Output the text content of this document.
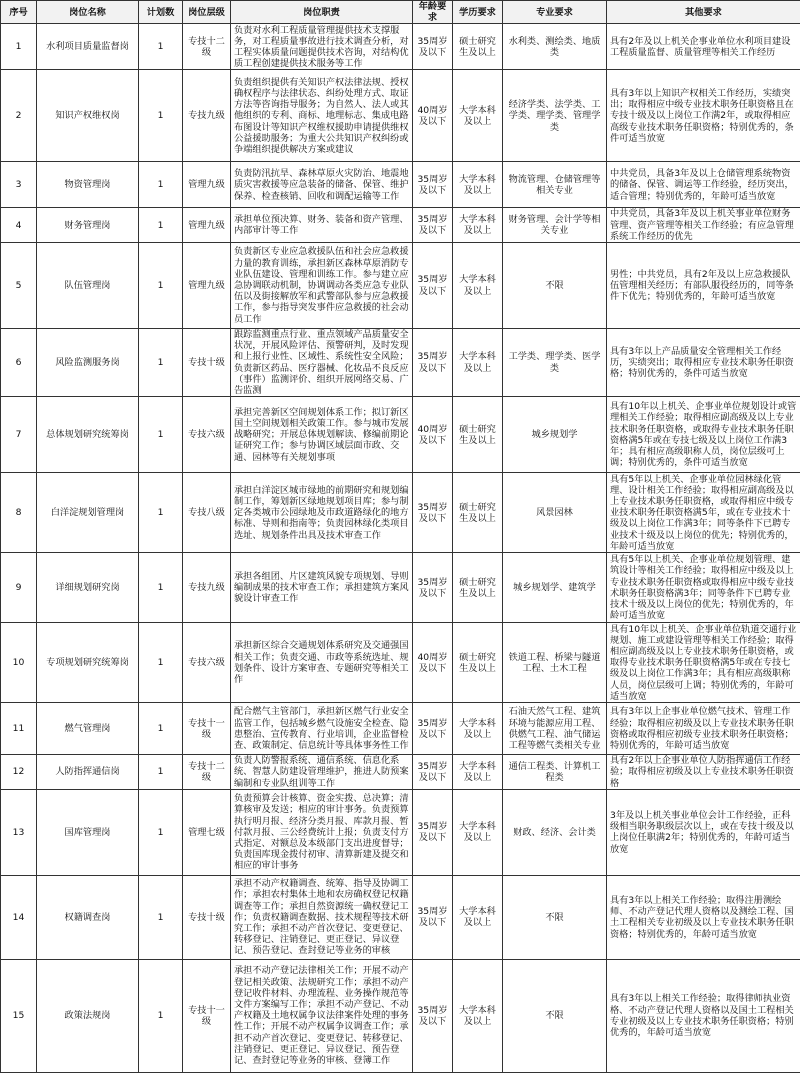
序号	岗位名称	计划数	岗位层级	岗位职责	年龄要求	学历要求	专业要求	其他要求
1	水利项目质量监督岗	1	专技十二级	负责对水利工程质量管理提供技术支撑服务，对工程质量事故进行技术调查分析，对工程实体质量问题提供技术咨询，对结构优质工程创建提供技术服务等工作	35周岁及以下	硕士研究生及以上	水利类、测绘类、地质类	具有2年及以上机关企事业单位水利项目建设工程质量监督、质量管理等相关工作经历
2	知识产权维权岗	1	专技九级	负责组织提供有关知识产权法律法规、授权确权程序与法律状态、纠纷处理方式、取证方法等咨询指导服务；为自然人、法人或其他组织的专利、商标、地理标志、集成电路布图设计等知识产权维权援助申请提供维权公益援助服务；为重大公共知识产权纠纷或争端组织提供解决方案或建议	40周岁及以下	大学本科及以上	经济学类、法学类、工学类、理学类、管理学类	具有3年以上知识产权相关工作经历，实绩突出；取得相应中级专业技术职务任职资格且在专技十级及以上岗位工作满2年，或取得相应高级专业技术职务任职资格；特别优秀的，条件可适当放宽
3	物资管理岗	1	管理九级	负责防汛抗旱、森林草原火灾防治、地震地质灾害救援等应急装备的储备、保管、维护保养、检查核销、回收和调配运输等工作	35周岁及以下	大学本科及以上	物流管理、仓储管理等相关专业	中共党员，具备3年及以上仓储管理系统物资的储备、保管、调运等工作经验，经历突出，适合管理；特别优秀的，年龄可适当放宽
4	财务管理岗	1	管理九级	承担单位预决算、财务、装备和资产管理、内部审计等工作	35周岁及以下	大学本科及以上	财务管理、会计学等相关专业	中共党员，具备3年及以上机关事业单位财务管理、资产管理等相关工作经验；有应急管理系统工作经历的优先
5	队伍管理岗	1	管理九级	负责新区专业应急救援队伍和社会应急救援力量的教育训练，承担新区森林草原消防专业队伍建设、管理和训练工作。参与建立应急协调联动机制，协调调动各类应急专业队伍以及街接解放军和武警部队参与应急救援工作，参与指导突发事件应急救援的社会动员工作	35周岁及以下	大学本科及以上	不限	男性；中共党员，具有2年及以上应急救援队伍管理相关经历；有部队服役经历的，同等条件下优先；特别优秀的，年龄可适当放宽
6	风险监测服务岗	1	专技十级	跟踪监测重点行业、重点领域产品质量安全状况，开展风险评估、预警研判，及时发现和上报行业性、区域性、系统性安全风险；负责新区药品、医疗器械、化妆品不良反应（事件）监测评价、组织开展网络交易、广告监测	35周岁及以下	大学本科及以上	工学类、理学类、医学类	具有3年以上产品质量安全管理相关工作经历，实绩突出；取得相应专业技术职务任职资格；特别优秀的，条件可适当放宽
7	总体规划研究统筹岗	1	专技六级	承担完善新区空间规划体系工作；拟订新区国土空间规划相关政策工作。参与城市发展战略研究；开展总体规划解读、修编前期论证研究工作；参与协调区域层面市政、交通、园林等有关规划事项	40周岁及以下	硕士研究生及以上	城乡规划学	具有10年以上机关、企事业单位规划设计或管理相关工作经验；取得相应副高级及以上专业技术职务任职资格，或取得专业技术职务任职资格满5年或在专技七级及以上岗位工作满3年；具有相应高级职称人员，岗位层级可上调；特别优秀的，条件可适当放宽
8	白洋淀规划管理岗	1	专技八级	承担白洋淀区城市绿地的前期研究和规划编制工作，筹划新区绿地规划项目库；参与制定各类城市公园绿地及市政道路绿化的地方标准、导则和指南等；负责园林绿化类项目选址、规划条件出具及技术审查工作	35周岁及以下	硕士研究生及以上	风景园林	具有5年以上机关、企事业单位园林绿化管理、设计相关工作经验；取得相应副高级及以上专业技术职务任职资格，或取得相应中级专业技术职务任职资格满5年，或在专业技术十级及以上岗位工作满3年；同等条件下已聘专业技术十级及以上岗位的优先；特别优秀的，年龄可适当放宽
9	详细规划研究岗	1	专技九级	承担各组团、片区建筑风貌专项规划、导则编制成果的技术审查工作；承担建筑方案风貌设计审查工作	35周岁及以下	硕士研究生及以上	城乡规划学、建筑学	具有5年以上机关、企事业单位规划管理、建筑设计等相关工作经验；取得相应中级及以上专业技术职务任职资格或取得相应中级专业技术职务任职资格满3年；同等条件下已聘专业技术十级及以上岗位的优先；特别优秀的，年龄可适当放宽
10	专项规划研究统筹岗	1	专技六级	承担新区综合交通规划体系研究及交通强国相关工作；负责交通、市政等系统选址、规划条件、设计方案审查、专题研究等相关工作	40周岁及以下	硕士研究生及以上	铁道工程、桥梁与隧道工程、土木工程	具有10年以上机关、企事业单位轨道交通行业规划、施工或建设管理等相关工作经验；取得相应副高级及以上专业技术职务任职资格，或取得专业技术职务任职资格满5年或在专技七级及以上岗位工作满3年；具有相应高级职称人员，岗位层级可上调；特别优秀的，年龄可适当放宽
11	燃气管理岗	1	专技十一级	配合燃气主管部门，承担新区燃气行业安全监管工作，包括城乡燃气设施安全检查、隐患整治、宣传教育、行业培训，企业监督检查、政策制定、信息统计等具体事务性工作	35周岁及以下	大学本科及以上	石油天然气工程、建筑环境与能源应用工程、供燃气工程、油气储运工程等燃气类相关专业	具有3年以上企事业单位燃气技术、管理工作经验；取得相应初级及以上专业技术职务任职资格或取得相应初级专业技术职务任职资格；特别优秀的，年龄可适当放宽
12	人防指挥通信岗	1	专技十二级	负责人防警报系统、通信系统、信息化系统、智慧人防建设管理维护，推进人防预案编制和专业队组训等工作	35周岁及以下	大学本科及以上	通信工程类、计算机工程类	具有2年以上企事业单位人防指挥通信工作经验；取得相应初级及以上专业技术职务任职资格
13	国库管理岗	1	管理七级	负责预算会计核算、资金实拨、总决算；清算核审及发送；相应的审计事务。负责预算执行明月报、经济分类月报、库款月报、暂付款月报、三公经费统计上报；负责支付方式指定、对额总及本级部门支出进度督导；负责国库现金拨付初审、清算新建及提交和相应的审计事务	35周岁及以下	大学本科及以上	财政、经济、会计类	3年及以上机关事业单位会计工作经验，正科级相当职务职级层次以上，或在专技十级及以上岗位任职满2年；特别优秀的，年龄可适当放宽
14	权籍调查岗	1	专技十级	承担不动产权籍调查、统筹、指导及协调工作；承担农村集体土地和农房确权登记权籍调查等工作；承担自然资源统一确权登记工作；负责权籍调查数据、技术规程等技术研究工作；承担不动产首次登记、变更登记、转移登记、注销登记、更正登记、异议登记、预告登记、查封登记等业务的审核	35周岁及以下	大学本科及以上	不限	具有3年以上相关工作经验；取得注册测绘师、不动产登记代理人资格以及测绘工程、国土工程相关专业初级及以上专业技术职务任职资格；特别优秀的，年龄可适当放宽
15	政策法规岗	1	专技十一级	承担不动产登记法律相关工作；开展不动产登记相关政策、法规研究工作；承担不动产登记收件材料、办理流程、业务操作规范等文件方案编写工作；承担不动产登记、不动产权籍及土地权属争议法律案件处理的事务性工作；开展不动产权属争议调查工作；承担不动产首次登记、变更登记、转移登记、注销登记、更正登记、异议登记、预告登记、查封登记等业务的审核、登簿工作	35周岁及以下	大学本科及以上	不限	具有3年以上相关工作经验；取得律师执业资格、不动产登记代理人资格以及国土工程相关专业初级及以上专业技术职务任职资格；特别优秀的，年龄可适当放宽
